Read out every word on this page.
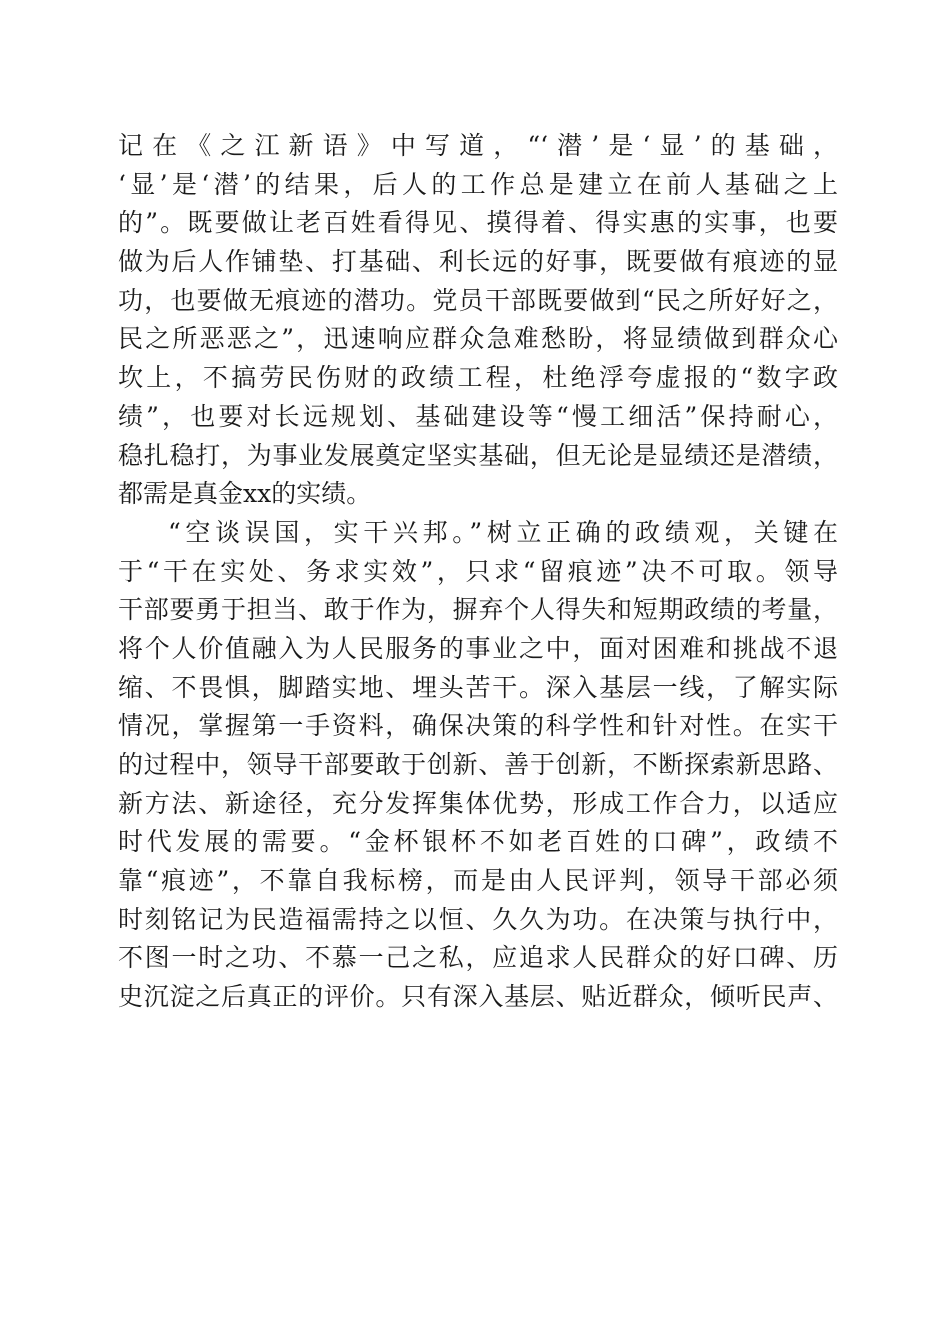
记在《之江新语》中写道，“‘潜’是‘显’的基础，
‘显’是‘潜’的结果，后人的工作总是建立在前人基础之上
的”。既要做让老百姓看得见、摸得着、得实惠的实事，也要
做为后人作铺垫、打基础、利长远的好事，既要做有痕迹的显
功，也要做无痕迹的潜功。党员干部既要做到“民之所好好之，
民之所恶恶之”，迅速响应群众急难愁盼，将显绩做到群众心
坎上，不搞劳民伤财的政绩工程，杜绝浮夸虚报的“数字政
绩”，也要对长远规划、基础建设等“慢工细活”保持耐心，
稳扎稳打，为事业发展奠定坚实基础，但无论是显绩还是潜绩，
都需是真金xx的实绩。
“空谈误国，实干兴邦。”树立正确的政绩观，关键在
于“干在实处、务求实效”，只求“留痕迹”决不可取。领导
干部要勇于担当、敢于作为，摒弃个人得失和短期政绩的考量，
将个人价值融入为人民服务的事业之中，面对困难和挑战不退
缩、不畏惧，脚踏实地、埋头苦干。深入基层一线，了解实际
情况，掌握第一手资料，确保决策的科学性和针对性。在实干
的过程中，领导干部要敢于创新、善于创新，不断探索新思路、
新方法、新途径，充分发挥集体优势，形成工作合力，以适应
时代发展的需要。“金杯银杯不如老百姓的口碑”，政绩不
靠“痕迹”，不靠自我标榜，而是由人民评判，领导干部必须
时刻铭记为民造福需持之以恒、久久为功。在决策与执行中，
不图一时之功、不慕一己之私，应追求人民群众的好口碑、历
史沉淀之后真正的评价。只有深入基层、贴近群众，倾听民声、
